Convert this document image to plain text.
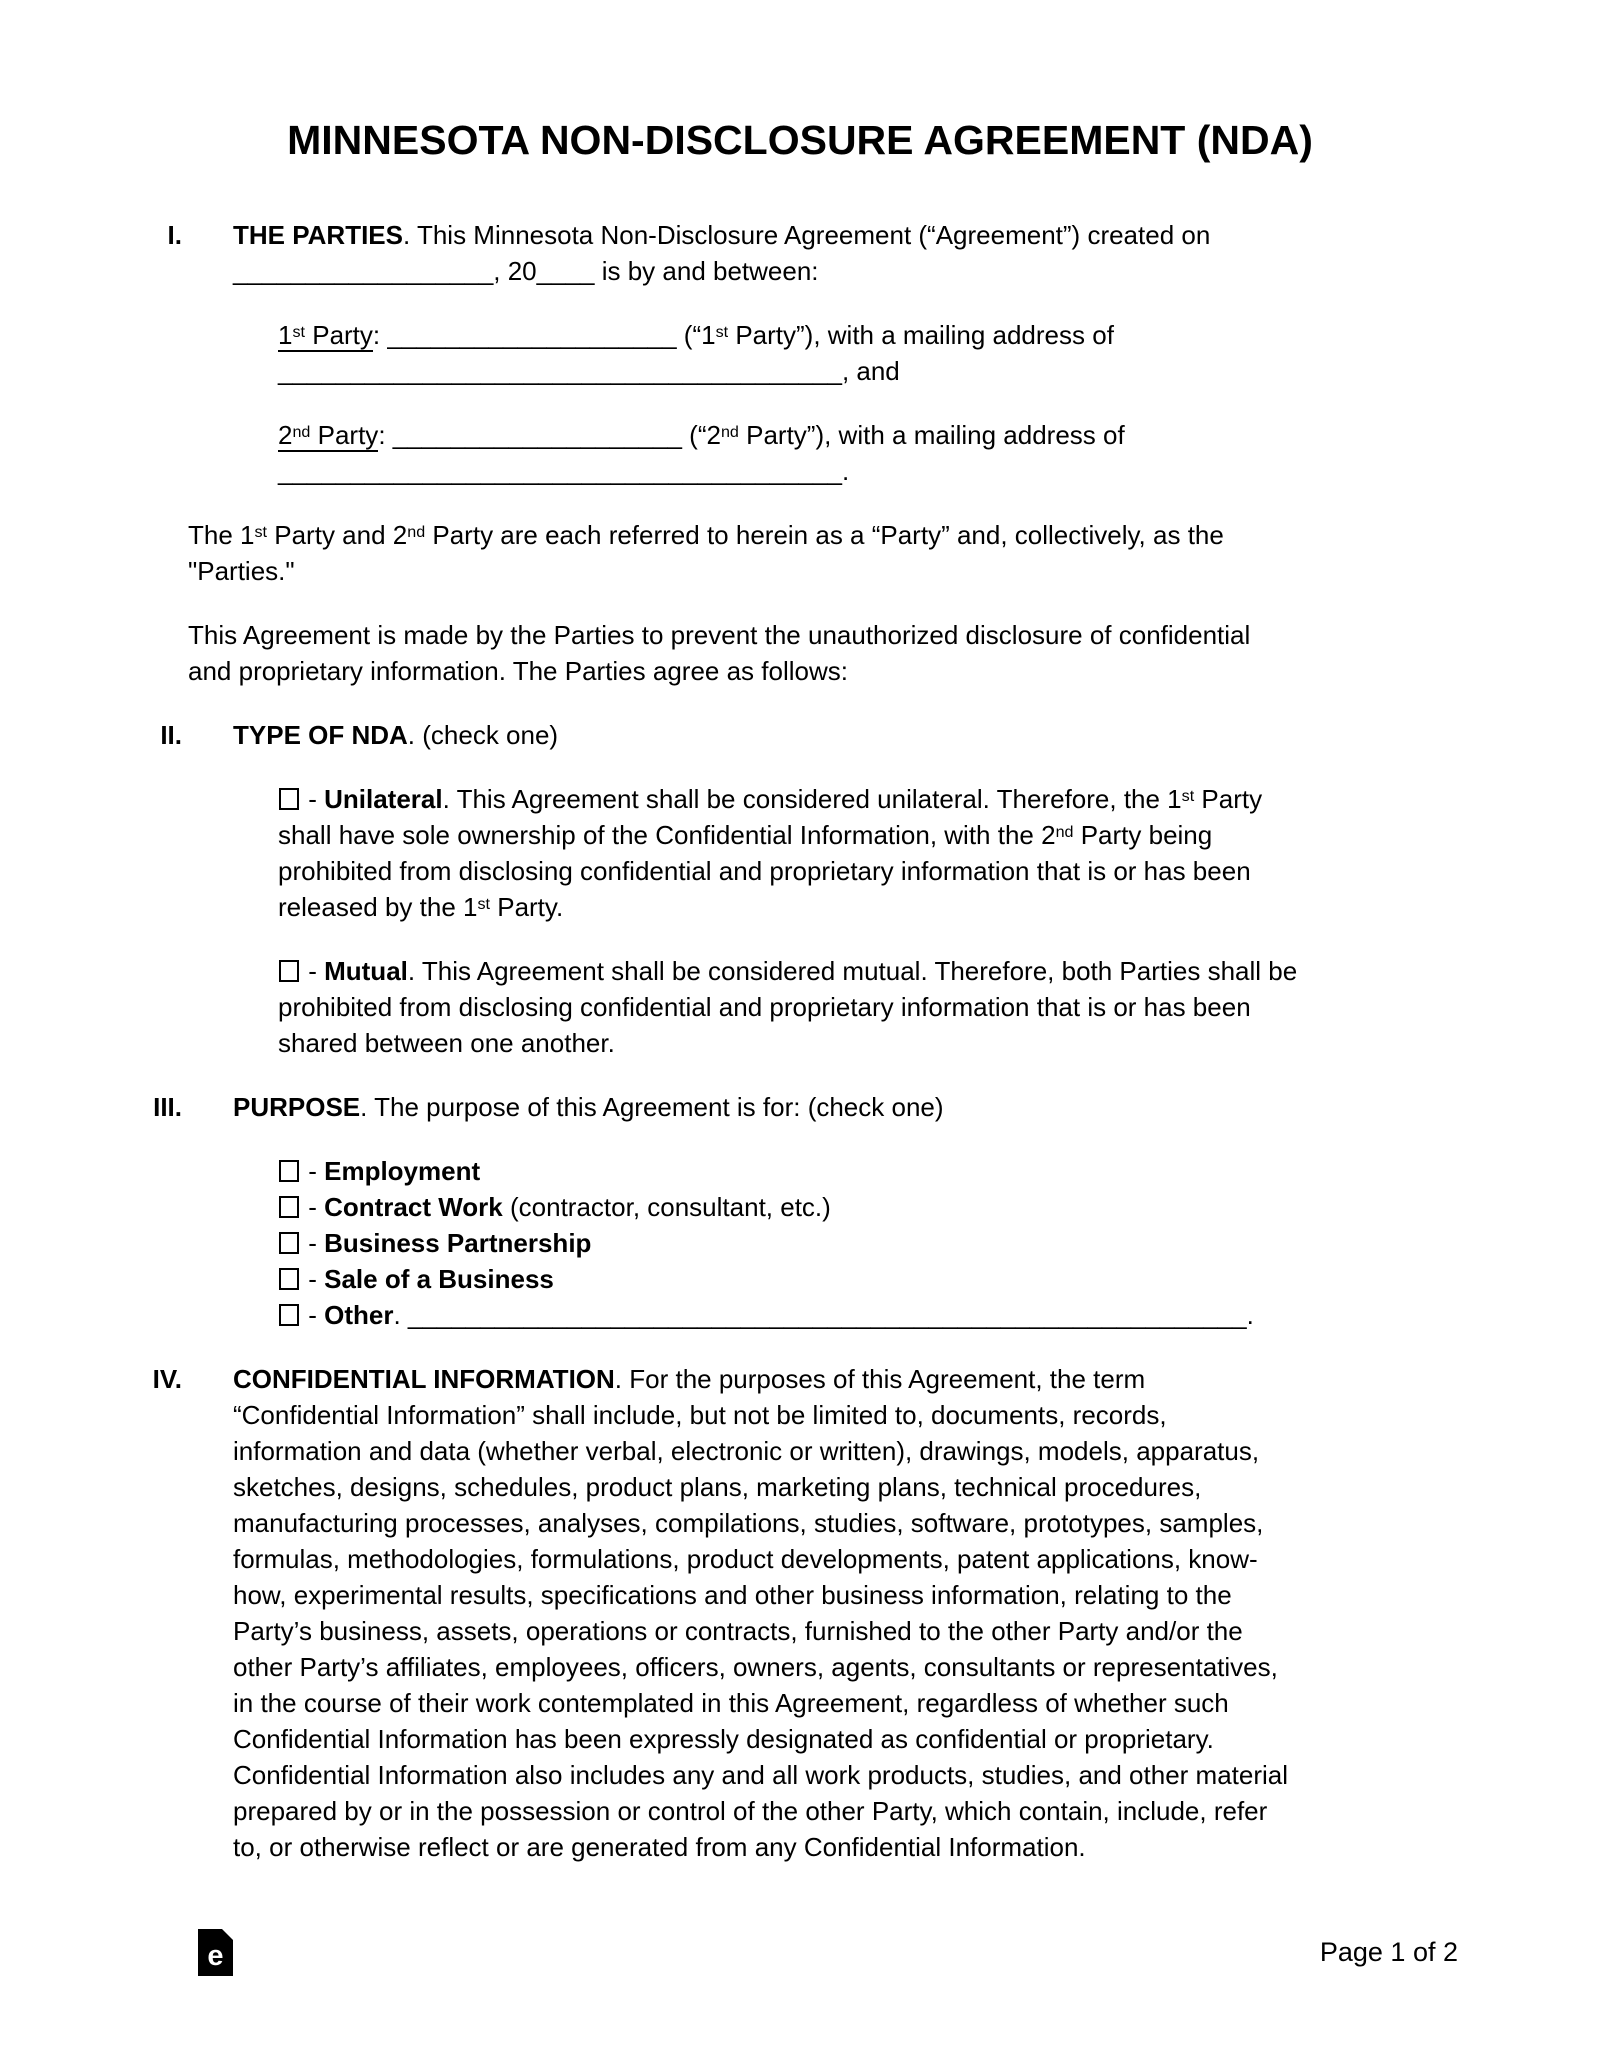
MINNESOTA NON-DISCLOSURE AGREEMENT (NDA)
I. THE PARTIES. This Minnesota Non-Disclosure Agreement (“Agreement”) created on
__________________, 20____ is by and between:
1st Party: ____________________ (“1st Party”), with a mailing address of
_______________________________________, and
2nd Party: ____________________ (“2nd Party”), with a mailing address of
_______________________________________.
The 1st Party and 2nd Party are each referred to herein as a “Party” and, collectively, as the
"Parties."
This Agreement is made by the Parties to prevent the unauthorized disclosure of confidential
and proprietary information. The Parties agree as follows:
II. TYPE OF NDA. (check one)
- Unilateral. This Agreement shall be considered unilateral. Therefore, the 1st Party
shall have sole ownership of the Confidential Information, with the 2nd Party being
prohibited from disclosing confidential and proprietary information that is or has been
released by the 1st Party.
- Mutual. This Agreement shall be considered mutual. Therefore, both Parties shall be
prohibited from disclosing confidential and proprietary information that is or has been
shared between one another.
III. PURPOSE. The purpose of this Agreement is for: (check one)
- Employment
- Contract Work (contractor, consultant, etc.)
- Business Partnership
- Sale of a Business
- Other. __________________________________________________________.
IV. CONFIDENTIAL INFORMATION. For the purposes of this Agreement, the term
“Confidential Information” shall include, but not be limited to, documents, records,
information and data (whether verbal, electronic or written), drawings, models, apparatus,
sketches, designs, schedules, product plans, marketing plans, technical procedures,
manufacturing processes, analyses, compilations, studies, software, prototypes, samples,
formulas, methodologies, formulations, product developments, patent applications, know-
how, experimental results, specifications and other business information, relating to the
Party’s business, assets, operations or contracts, furnished to the other Party and/or the
other Party’s affiliates, employees, officers, owners, agents, consultants or representatives,
in the course of their work contemplated in this Agreement, regardless of whether such
Confidential Information has been expressly designated as confidential or proprietary.
Confidential Information also includes any and all work products, studies, and other material
prepared by or in the possession or control of the other Party, which contain, include, refer
to, or otherwise reflect or are generated from any Confidential Information.
e	Page 1 of 2
